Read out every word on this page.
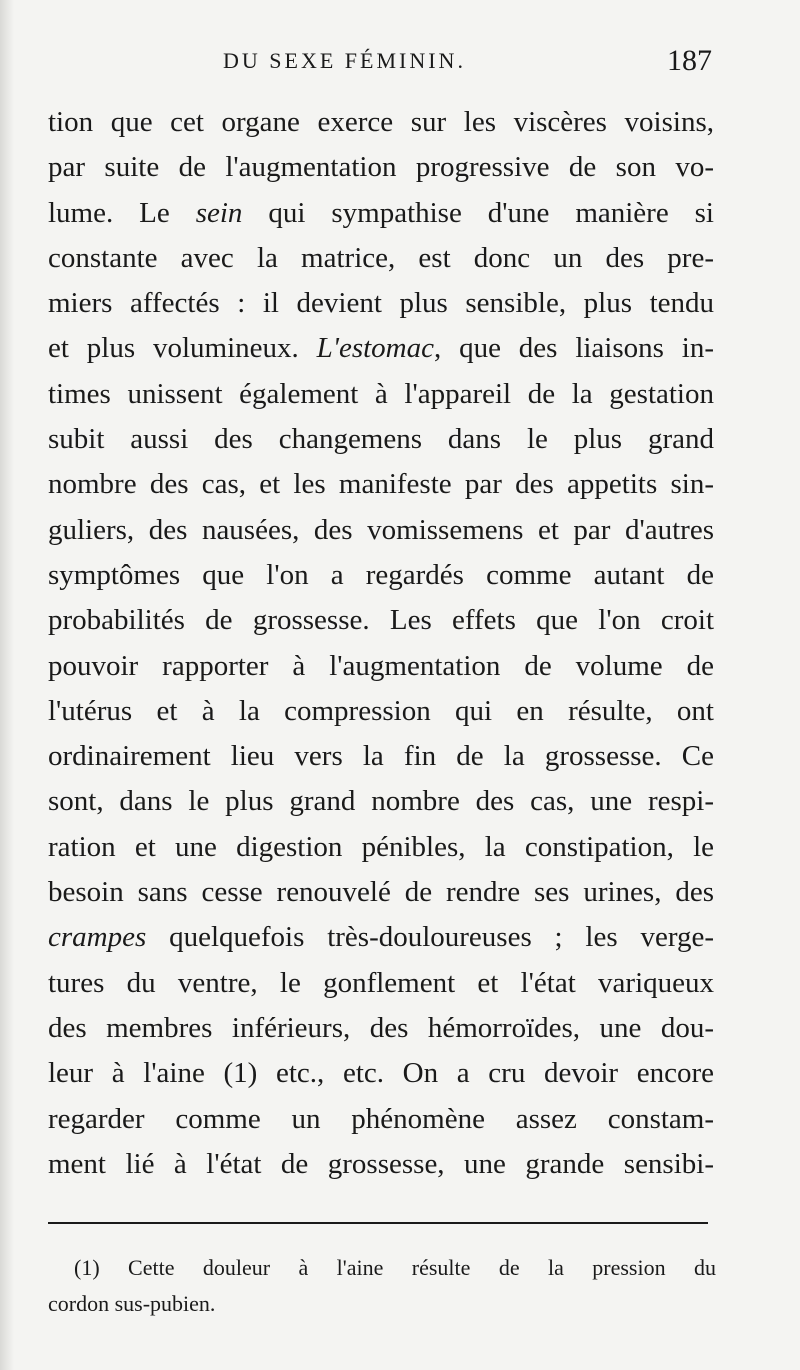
DU SEXE FÉMININ.	187
tion que cet organe exerce sur les viscères voisins,
par suite de l'augmentation progressive de son vo-
lume. Le sein qui sympathise d'une manière si
constante avec la matrice, est donc un des pre-
miers affectés : il devient plus sensible, plus tendu
et plus volumineux. L'estomac, que des liaisons in-
times unissent également à l'appareil de la gestation
subit aussi des changemens dans le plus grand
nombre des cas, et les manifeste par des appetits sin-
guliers, des nausées, des vomissemens et par d'autres
symptômes que l'on a regardés comme autant de
probabilités de grossesse. Les effets que l'on croit
pouvoir rapporter à l'augmentation de volume de
l'utérus et à la compression qui en résulte, ont
ordinairement lieu vers la fin de la grossesse. Ce
sont, dans le plus grand nombre des cas, une respi-
ration et une digestion pénibles, la constipation, le
besoin sans cesse renouvelé de rendre ses urines, des
crampes quelquefois très-douloureuses ; les verge-
tures du ventre, le gonflement et l'état variqueux
des membres inférieurs, des hémorroïdes, une dou-
leur à l'aine (1) etc., etc. On a cru devoir encore
regarder comme un phénomène assez constam-
ment lié à l'état de grossesse, une grande sensibi-
(1) Cette douleur à l'aine résulte de la pression du
cordon sus-pubien.
